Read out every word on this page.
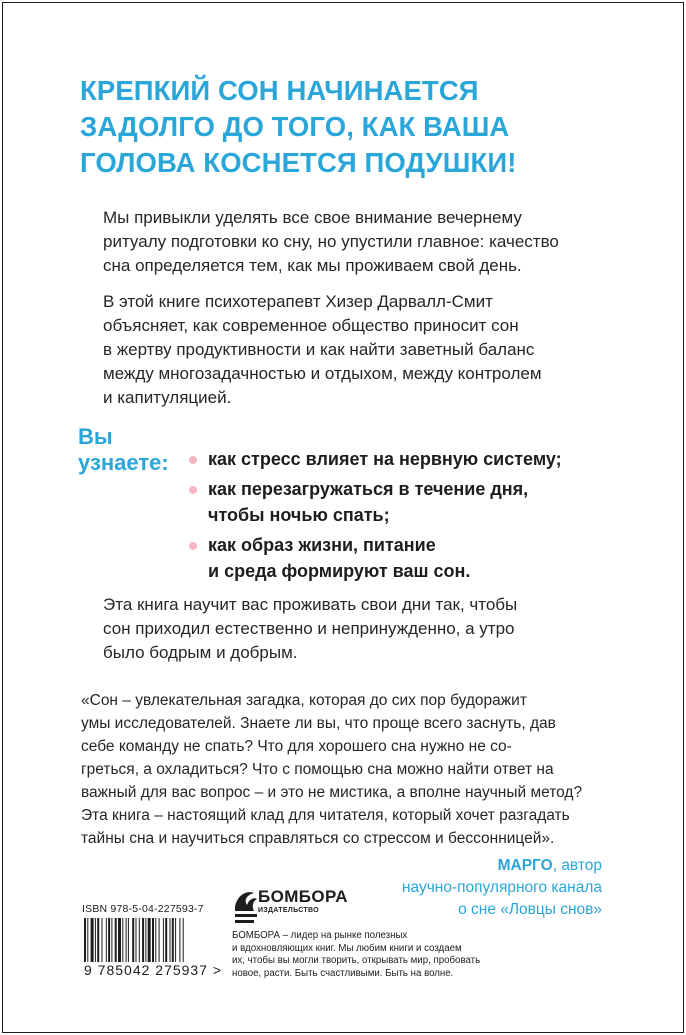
КРЕПКИЙ СОН НАЧИНАЕТСЯ
ЗАДОЛГО ДО ТОГО, КАК ВАША
ГОЛОВА КОСНЕТСЯ ПОДУШКИ!
Мы привыкли уделять все свое внимание вечернему
ритуалу подготовки ко сну, но упустили главное: качество
сна определяется тем, как мы проживаем свой день.
В этой книге психотерапевт Хизер Дарвалл-Смит
объясняет, как современное общество приносит сон
в жертву продуктивности и как найти заветный баланс
между многозадачностью и отдыхом, между контролем
и капитуляцией.
Вы
узнаете: как стресс влияет на нервную систему;
как перезагружаться в течение дня,
чтобы ночью спать;
как образ жизни, питание
и среда формируют ваш сон.
Эта книга научит вас проживать свои дни так, чтобы
сон приходил естественно и непринужденно, а утро
было бодрым и добрым.
«Сон – увлекательная загадка, которая до сих пор будоражит
умы исследователей. Знаете ли вы, что проще всего заснуть, дав
себе команду не спать? Что для хорошего сна нужно не со-
греться, а охладиться? Что с помощью сна можно найти ответ на
важный для вас вопрос – и это не мистика, а вполне научный метод?
Эта книга – настоящий клад для читателя, который хочет разгадать
тайны сна и научиться справляться со стрессом и бессонницей».
МАРГО, автор
научно-популярного канала
о сне «Ловцы снов»
ISBN 978-5-04-227593-7
9 785042 275937 >
БОМБОРА
ИЗДАТЕЛЬСТВО
БОМБОРА – лидер на рынке полезных
и вдохновляющих книг. Мы любим книги и создаем
их, чтобы вы могли творить, открывать мир, пробовать
новое, расти. Быть счастливыми. Быть на волне.
